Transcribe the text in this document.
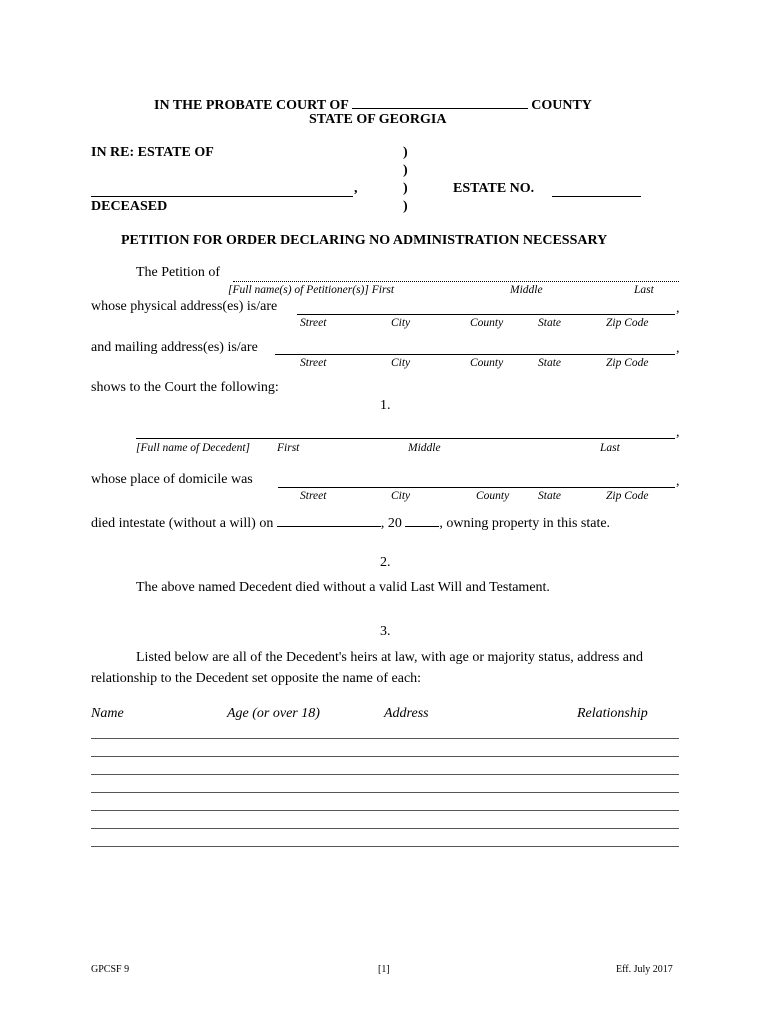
IN THE PROBATE COURT OF	COUNTY
STATE OF GEORGIA
IN RE: ESTATE OF	)
)
)
)
,	ESTATE NO.
DECEASED
PETITION FOR ORDER DECLARING NO ADMINISTRATION NECESSARY
The Petition of
[Full name(s) of Petitioner(s)] First	Middle	Last
whose physical address(es) is/are	,
Street	City	County	State	Zip Code
and mailing address(es) is/are	,
Street	City	County	State	Zip Code
shows to the Court the following:
1.
,
[Full name of Decedent] First	Middle	Last
whose place of domicile was	,
Street	City	County	State	Zip Code
died intestate (without a will) on	, 20	, owning property in this state.
2.
The above named Decedent died without a valid Last Will and Testament.
3.
Listed below are all of the Decedent's heirs at law, with age or majority status, address and
relationship to the Decedent set opposite the name of each:
Name	Age (or over 18)	Address	Relationship
GPCSF 9	[1]	Eff. July 2017
